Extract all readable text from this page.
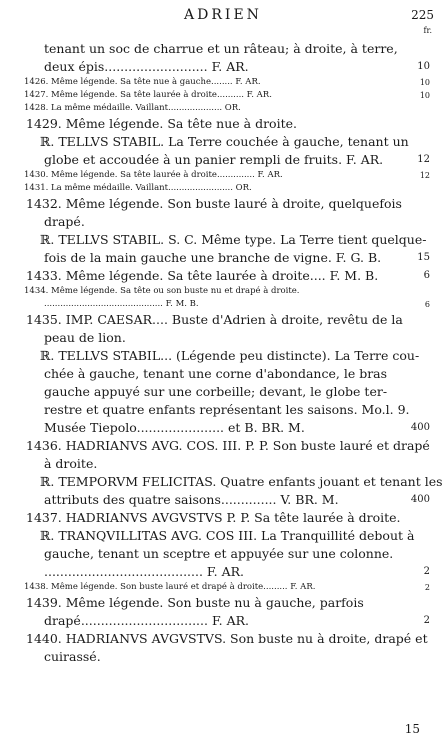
ADRIEN	225
fr.
tenant un soc de charrue et un râteau; à droite, à terre,
deux épis.......................... F. AR.	10
1426. Même légende. Sa tête nue à gauche........ F. AR.	10
1427. Même légende. Sa tête laurée à droite.......... F. AR.	10
1428. La même médaille. Vaillant.................... OR.
1429. Même légende. Sa tête nue à droite.
ℝ. TELLVS STABIL. La Terre couchée à gauche, tenant un
globe et accoudée à un panier rempli de fruits. F. AR.	12
1430. Même légende. Sa tête laurée à droite.............. F. AR.	12
1431. La même médaille. Vaillant........................ OR.
1432. Même légende. Son buste lauré à droite, quelquefois
drapé.
ℝ. TELLVS STABIL. S. C. Même type. La Terre tient quelque-
fois de la main gauche une branche de vigne. F. G. B.	15
1433. Même légende. Sa tête laurée à droite.... F. M. B.	6
1434. Même légende. Sa tête ou son buste nu et drapé à droite.
............................................ F. M. B.	6
1435. IMP. CAESAR.... Buste d'Adrien à droite, revêtu de la
peau de lion.
ℝ. TELLVS STABIL... (Légende peu distincte). La Terre cou-
chée à gauche, tenant une corne d'abondance, le bras
gauche appuyé sur une corbeille; devant, le globe ter-
restre et quatre enfants représentant les saisons. Mo.l. 9.
Musée Tiepolo...................... et B. BR. M.	400
1436. HADRIANVS AVG. COS. III. P. P. Son buste lauré et drapé
à droite.
ℝ. TEMPORVM FELICITAS. Quatre enfants jouant et tenant les
attributs des quatre saisons.............. V. BR. M.	400
1437. HADRIANVS AVGVSTVS P. P. Sa tête laurée à droite.
ℝ. TRANQVILLITAS AVG. COS III. La Tranquillité debout à
gauche, tenant un sceptre et appuyée sur une colonne.
........................................ F. AR.	2
1438. Même légende. Son buste lauré et drapé à droite......... F. AR.	2
1439. Même légende. Son buste nu à gauche, parfois
drapé................................ F. AR.	2
1440. HADRIANVS AVGVSTVS. Son buste nu à droite, drapé et
cuirassé.
15
